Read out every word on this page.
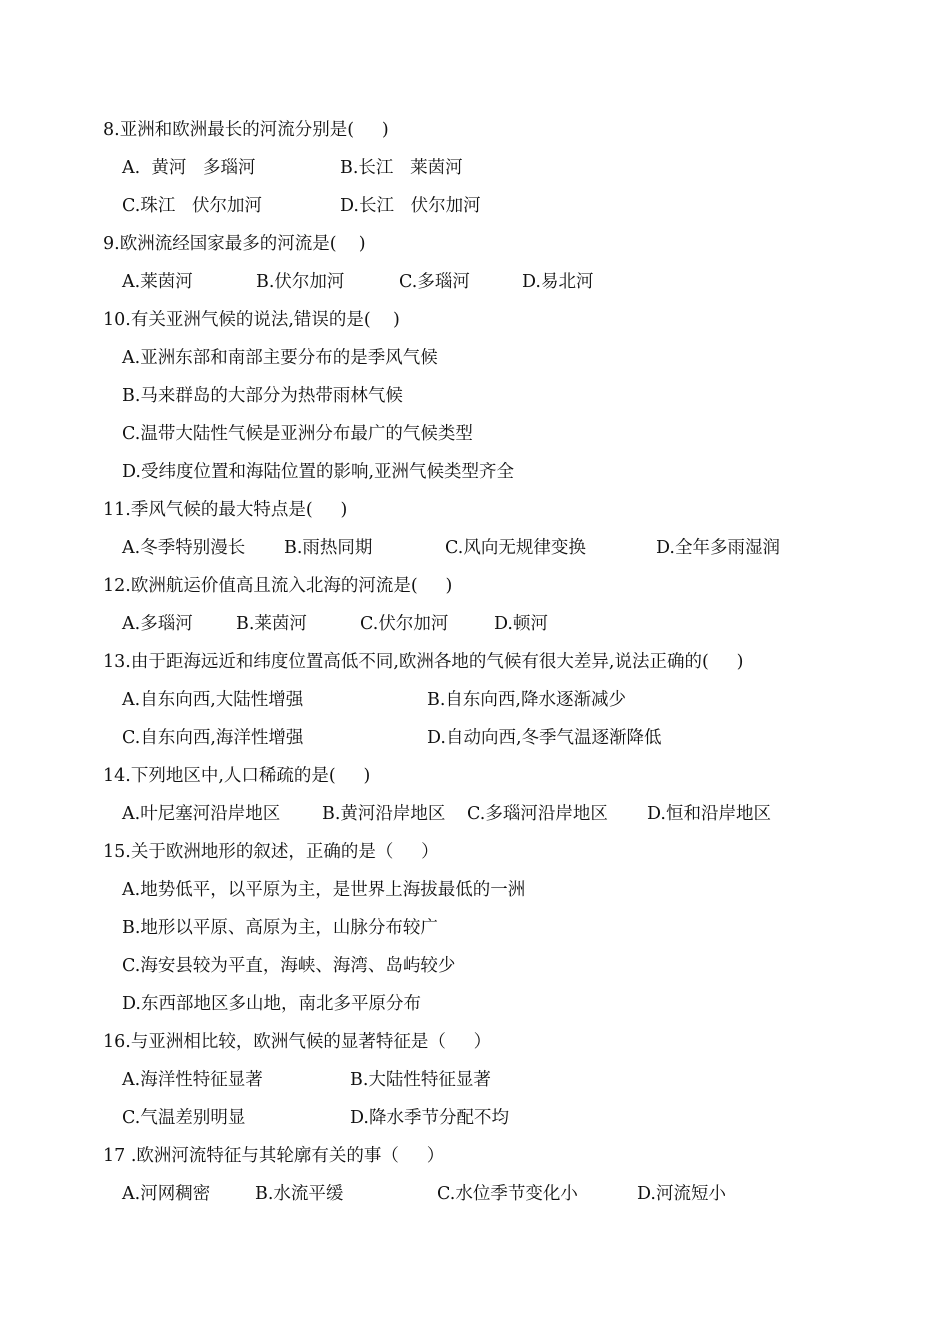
8.亚洲和欧洲最长的河流分别是(     )
A.  黄河   多瑙河	B.长江   莱茵河
C.珠江   伏尔加河	D.长江   伏尔加河
9.欧洲流经国家最多的河流是(    )
A.莱茵河	B.伏尔加河	C.多瑙河	D.易北河
10.有关亚洲气候的说法,错误的是(    )
A.亚洲东部和南部主要分布的是季风气候
B.马来群岛的大部分为热带雨林气候
C.温带大陆性气候是亚洲分布最广的气候类型
D.受纬度位置和海陆位置的影响,亚洲气候类型齐全
11.季风气候的最大特点是(     )
A.冬季特别漫长 B.雨热同期	C.风向无规律变换	D.全年多雨湿润
12.欧洲航运价值高且流入北海的河流是(     )
A.多瑙河 B.莱茵河	C.伏尔加河	D.顿河
13.由于距海远近和纬度位置高低不同,欧洲各地的气候有很大差异,说法正确的(     )
A.自东向西,大陆性增强	B.自东向西,降水逐渐减少
C.自东向西,海洋性增强	D.自动向西,冬季气温逐渐降低
14.下列地区中,人口稀疏的是(     )
A.叶尼塞河沿岸地区 B.黄河沿岸地区 C.多瑙河沿岸地区 D.恒和沿岸地区
15.关于欧洲地形的叙述，正确的是（     ）
A.地势低平，以平原为主，是世界上海拔最低的一洲
B.地形以平原、高原为主，山脉分布较广
C.海安县较为平直，海峡、海湾、岛屿较少
D.东西部地区多山地，南北多平原分布
16.与亚洲相比较，欧洲气候的显著特征是（     ）
A.海洋性特征显著	B.大陆性特征显著
C.气温差别明显	D.降水季节分配不均
17 .欧洲河流特征与其轮廓有关的事（     ）
A.河网稠密	B.水流平缓	C.水位季节变化小	D.河流短小
